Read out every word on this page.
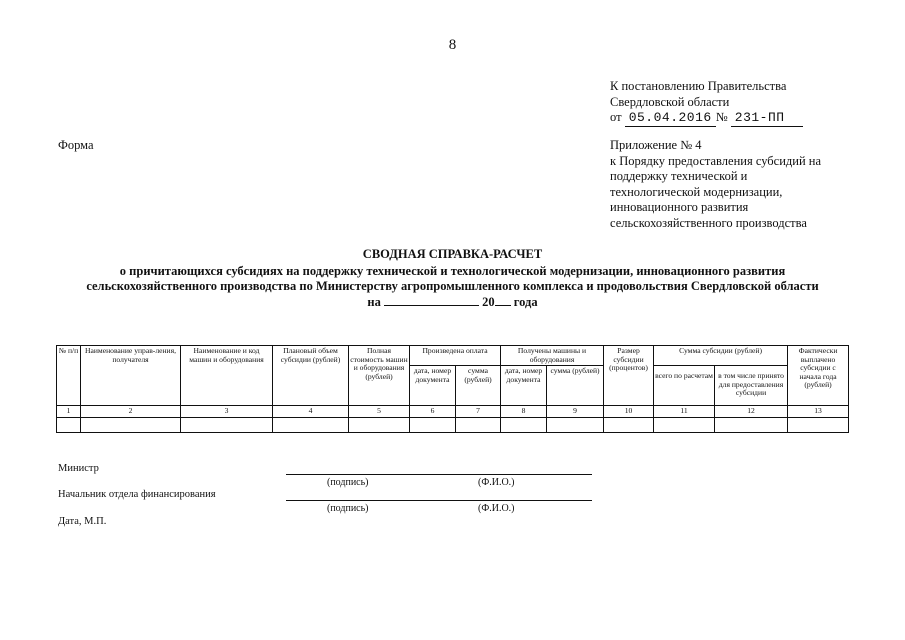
8
К постановлению Правительства
Свердловской области
от 05.04.2016 № 231-ПП
Форма	Приложение № 4
к Порядку предоставления субсидий на
поддержку технической и
технологической модернизации,
инновационного развития
сельскохозяйственного производства
СВОДНАЯ СПРАВКА-РАСЧЕТ
о причитающихся субсидиях на поддержку технической и технологической модернизации, инновационного развития
сельскохозяйственного производства по Министерству агропромышленного комплекса и продовольствия Свердловской области
на	20 года
№ п/п	Наименование управ-ления, получателя	Наименование и код машин и оборудования	Плановый объем субсидии (рублей)	Полная стоимость машин и оборудования (рублей)	Произведена оплата		Получены машины и оборудования		Размер субсидии (процентов)	Сумма субсидии (рублей)		Фактически выплачено субсидии с начала года (рублей)
					дата, номер документа	сумма (рублей)	дата, номер документа	сумма (рублей)		всего по расчетам	в том числе принято для предоставления субсидии	
1	2	3	4	5	6	7	8	9	10	11	12	13

Министр
(подпись)	(Ф.И.О.)
Начальник отдела финансирования
(подпись)	(Ф.И.О.)
Дата, М.П.
